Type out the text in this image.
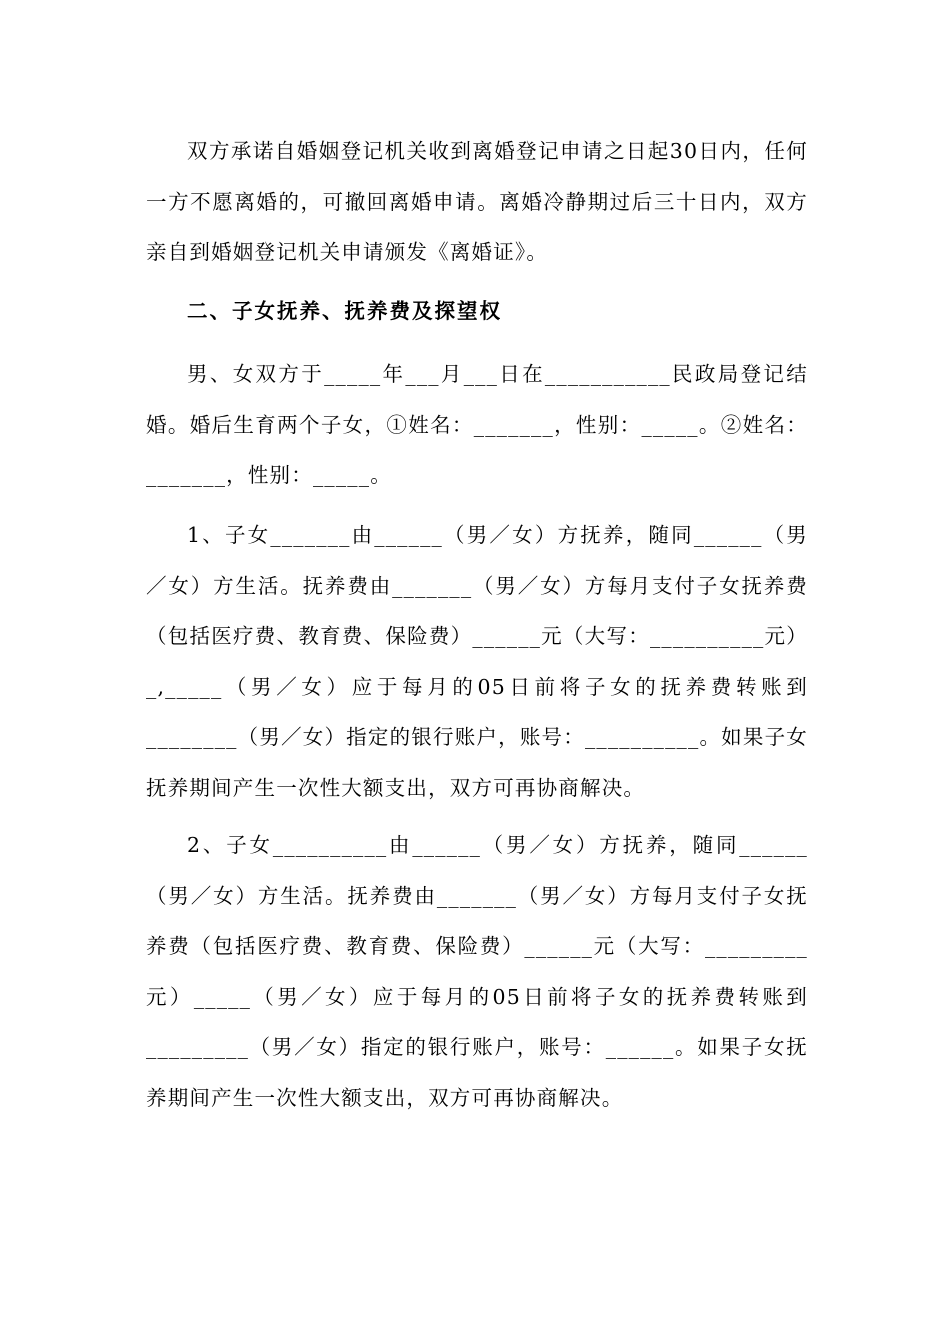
双方承诺自婚姻登记机关收到离婚登记申请之日起30日内，任何一方不愿离婚的，可撤回离婚申请。离婚冷静期过后三十日内，双方亲自到婚姻登记机关申请颁发《离婚证》。

二、子女抚养、抚养费及探望权

男、女双方于_____年___月___日在___________民政局登记结婚。婚后生育两个子女，①姓名：_______，性别：_____。②姓名：_______，性别：_____。

1、子女_______由______（男／女）方抚养，随同______（男／女）方生活。抚养费由_______（男／女）方每月支付子女抚养费（包括医疗费、教育费、保险费）______元（大写：__________元）_,_____（男／女）应于每月的05日前将子女的抚养费转账到________（男／女）指定的银行账户，账号：__________。如果子女抚养期间产生一次性大额支出，双方可再协商解决。

2、子女__________由______（男／女）方抚养，随同______（男／女）方生活。抚养费由_______（男／女）方每月支付子女抚养费（包括医疗费、教育费、保险费）______元（大写：_________元）_____（男／女）应于每月的05日前将子女的抚养费转账到_________（男／女）指定的银行账户，账号：______。如果子女抚养期间产生一次性大额支出，双方可再协商解决。
